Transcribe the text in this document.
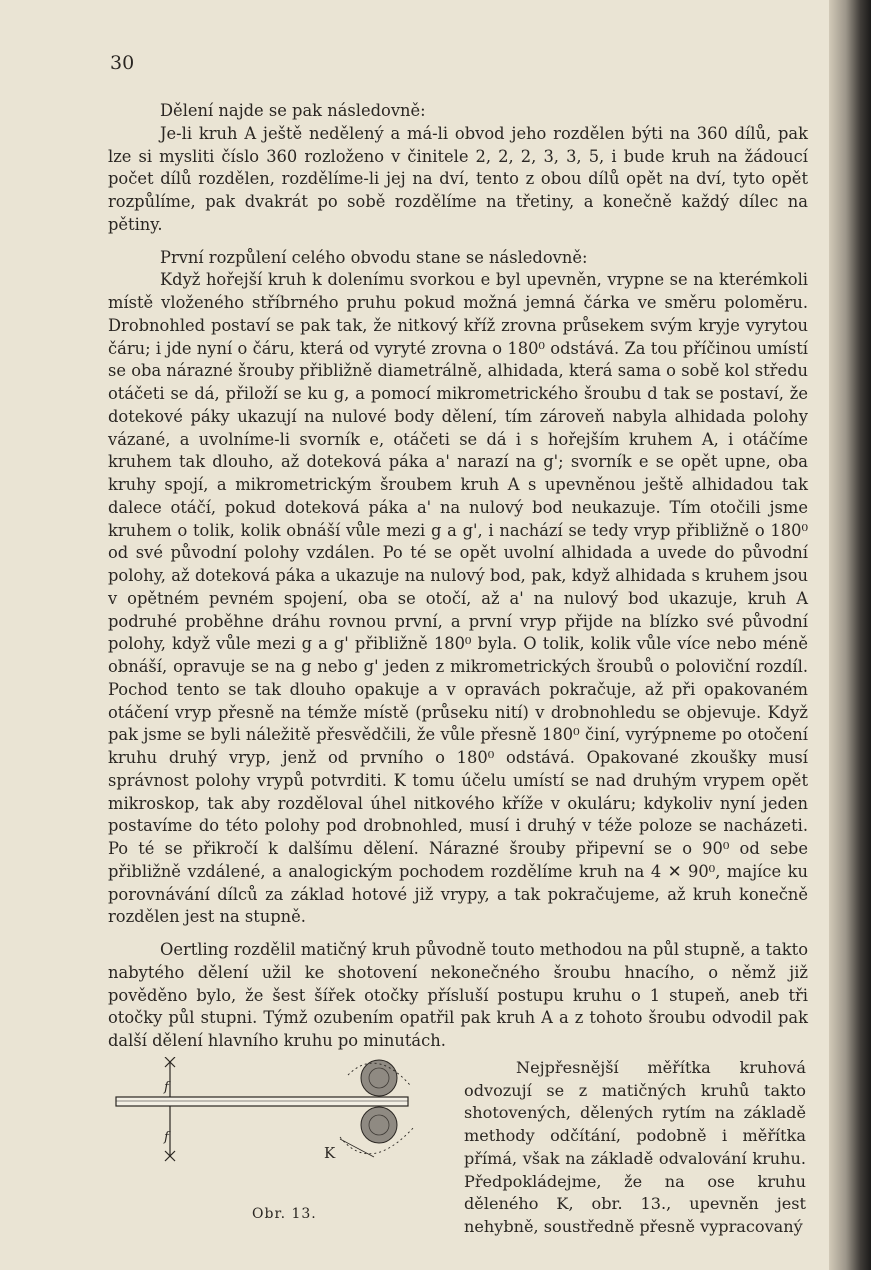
30

Dělení najde se pak následovně:

Je-li kruh A ještě nedělený a má-li obvod jeho rozdělen býti na 360 dílů, pak lze si mysliti číslo 360 rozloženo v činitele 2, 2, 2, 3, 3, 5, i bude kruh na žádoucí počet dílů rozdělen, rozdělíme-li jej na dví, tento z obou dílů opět na dví, tyto opět rozpůlíme, pak dvakrát po sobě rozdělíme na třetiny, a konečně každý dílec na pětiny.

První rozpůlení celého obvodu stane se následovně:

Když hořejší kruh k dolenímu svorkou e byl upevněn, vrypne se na kterémkoli místě vloženého stříbrného pruhu pokud možná jemná čárka ve směru poloměru. Drobnohled postaví se pak tak, že nitkový kříž zrovna průsekem svým kryje vyrytou čáru; i jde nyní o čáru, která od vyryté zrovna o 180⁰ odstává. Za tou příčinou umístí se oba nárazné šrouby přibližně diametrálně, alhidada, která sama o sobě kol středu otáčeti se dá, přiloží se ku g, a pomocí mikrometrického šroubu d tak se postaví, že dotekové páky ukazují na nulové body dělení, tím zároveň nabyla alhidada polohy vázané, a uvolníme-li svorník e, otáčeti se dá i s hořejším kruhem A, i otáčíme kruhem tak dlouho, až doteková páka a' narazí na g'; svorník e se opět upne, oba kruhy spojí, a mikrometrickým šroubem kruh A s upevněnou ještě alhidadou tak dalece otáčí, pokud doteková páka a' na nulový bod neukazuje. Tím otočili jsme kruhem o tolik, kolik obnáší vůle mezi g a g', i nachází se tedy vryp přibližně o 180⁰ od své původní polohy vzdálen. Po té se opět uvolní alhidada a uvede do původní polohy, až doteková páka a ukazuje na nulový bod, pak, když alhidada s kruhem jsou v opětném pevném spojení, oba se otočí, až a' na nulový bod ukazuje, kruh A podruhé proběhne dráhu rovnou první, a první vryp přijde na blízko své původní polohy, když vůle mezi g a g' přibližně 180⁰ byla. O tolik, kolik vůle více nebo méně obnáší, opravuje se na g nebo g' jeden z mikrometrických šroubů o poloviční rozdíl. Pochod tento se tak dlouho opakuje a v opravách pokračuje, až při opakovaném otáčení vryp přesně na témže místě (průseku nití) v drobnohledu se objevuje. Když pak jsme se byli náležitě přesvědčili, že vůle přesně 180⁰ činí, vyrýpneme po otočení kruhu druhý vryp, jenž od prvního o 180⁰ odstává. Opakované zkoušky musí správnost polohy vrypů potvrditi. K tomu účelu umístí se nad druhým vrypem opět mikroskop, tak aby rozděloval úhel nitkového kříže v okuláru; kdykoliv nyní jeden postavíme do této polohy pod drobnohled, musí i druhý v téže poloze se nacházeti. Po té se přikročí k dalšímu dělení. Nárazné šrouby připevní se o 90⁰ od sebe přibližně vzdálené, a analogickým pochodem rozdělíme kruh na 4 ✕ 90⁰, majíce ku porovnávání dílců za základ hotové již vrypy, a tak pokračujeme, až kruh konečně rozdělen jest na stupně.

Oertling rozdělil matičný kruh původně touto methodou na půl stupně, a takto nabytého dělení užil ke shotovení nekonečného šroubu hnacího, o němž již pověděno bylo, že šest šířek otočky přísluší postupu kruhu o 1 stupeň, aneb tři otočky půl stupni. Týmž ozubením opatřil pak kruh A a z tohoto šroubu odvodil pak další dělení hlavního kruhu po minutách.

f
f
K
Obr. 13.

Nejpřesnější měřítka kruhová odvozují se z matičných kruhů takto shotovených, dělených rytím na základě methody odčítání, podobně i měřítka přímá, však na základě odvalování kruhu. Předpokládejme, že na ose kruhu děleného K, obr. 13., upevněn jest nehybně, soustředně přesně vypracovaný
